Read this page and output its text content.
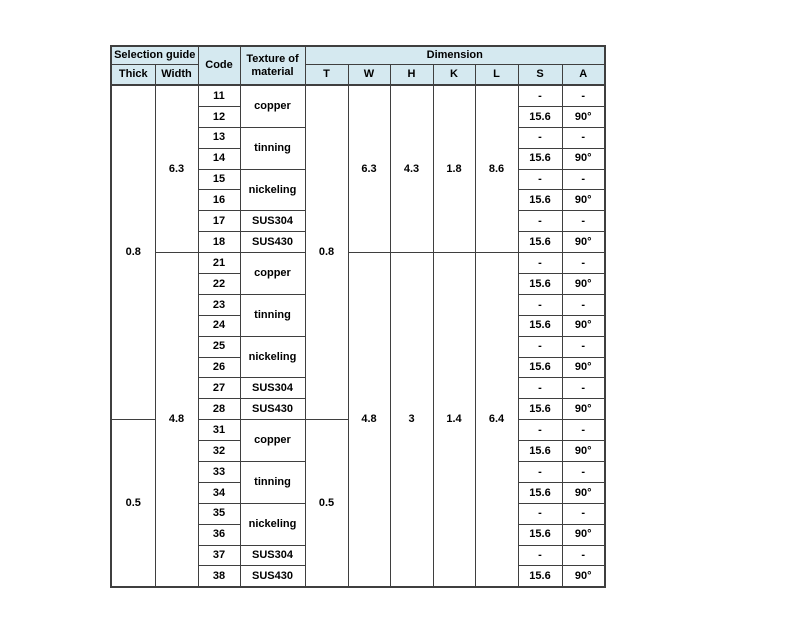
Selection guide		Code	Texture of
material	Dimension						
Thick	Width			T	W	H	K	L	S	A
0.8	6.3	11	copper	0.8	6.3	4.3	1.8	8.6	-	-
		12							15.6	90°
		13	tinning						-	-
		14							15.6	90°
		15	nickeling						-	-
		16							15.6	90°
		17	SUS304						-	-
		18	SUS430						15.6	90°
	4.8	21	copper		4.8	3	1.4	6.4	-	-
		22							15.6	90°
		23	tinning						-	-
		24							15.6	90°
		25	nickeling						-	-
		26							15.6	90°
		27	SUS304						-	-
		28	SUS430						15.6	90°
0.5		31	copper	0.5					-	-
		32							15.6	90°
		33	tinning						-	-
		34							15.6	90°
		35	nickeling						-	-
		36							15.6	90°
		37	SUS304						-	-
		38	SUS430						15.6	90°
